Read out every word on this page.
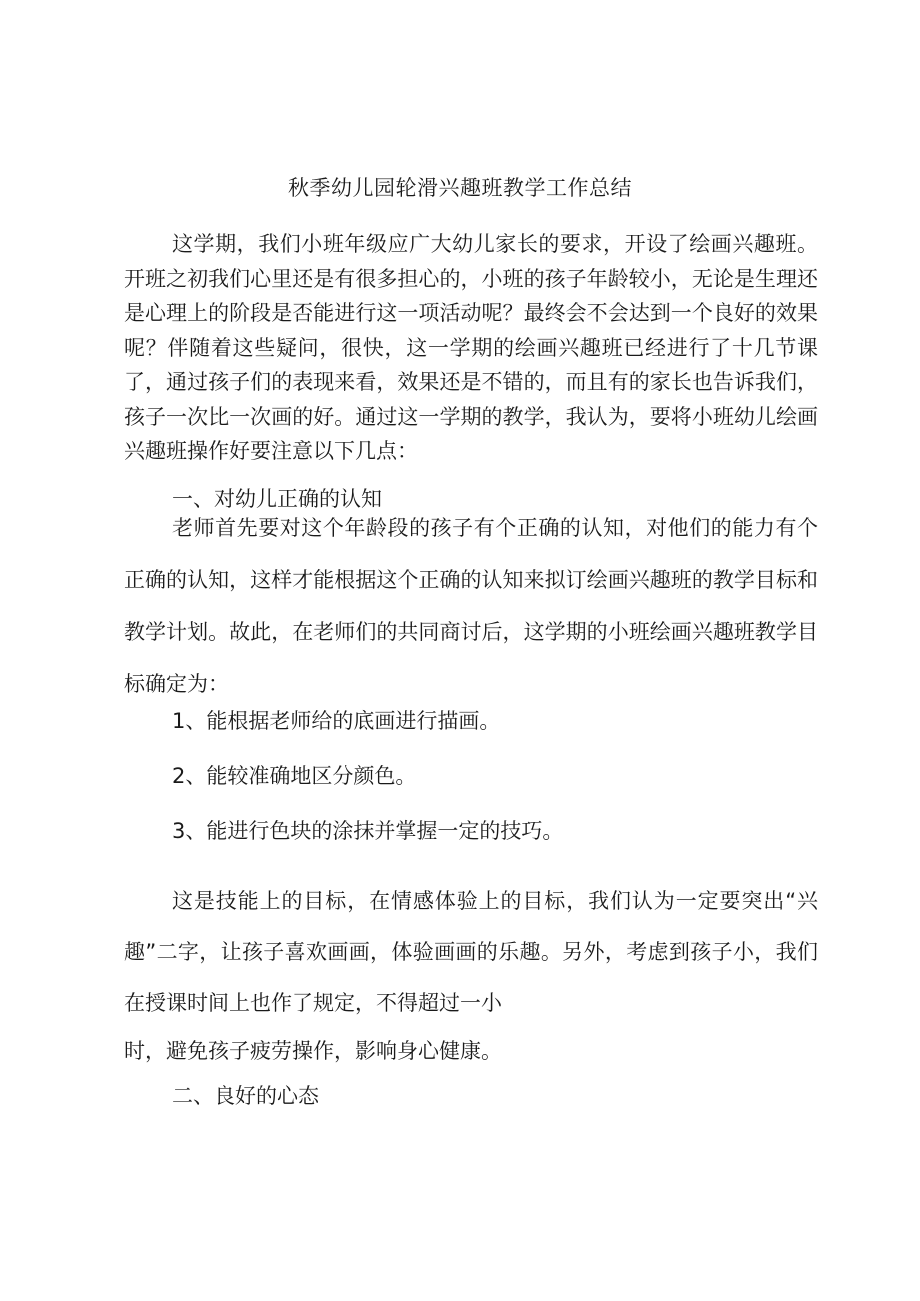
秋季幼儿园轮滑兴趣班教学工作总结

这学期，我们小班年级应广大幼儿家长的要求，开设了绘画兴趣班。开班之初我们心里还是有很多担心的，小班的孩子年龄较小，无论是生理还是心理上的阶段是否能进行这一项活动呢？最终会不会达到一个良好的效果呢？伴随着这些疑问，很快，这一学期的绘画兴趣班已经进行了十几节课了，通过孩子们的表现来看，效果还是不错的，而且有的家长也告诉我们，孩子一次比一次画的好。通过这一学期的教学，我认为，要将小班幼儿绘画兴趣班操作好要注意以下几点：

一、对幼儿正确的认知

老师首先要对这个年龄段的孩子有个正确的认知，对他们的能力有个正确的认知，这样才能根据这个正确的认知来拟订绘画兴趣班的教学目标和教学计划。故此，在老师们的共同商讨后，这学期的小班绘画兴趣班教学目标确定为：

1、能根据老师给的底画进行描画。

2、能较准确地区分颜色。

3、能进行色块的涂抹并掌握一定的技巧。

这是技能上的目标，在情感体验上的目标，我们认为一定要突出“兴趣”二字，让孩子喜欢画画，体验画画的乐趣。另外，考虑到孩子小，我们在授课时间上也作了规定，不得超过一小

时，避免孩子疲劳操作，影响身心健康。

二、良好的心态
